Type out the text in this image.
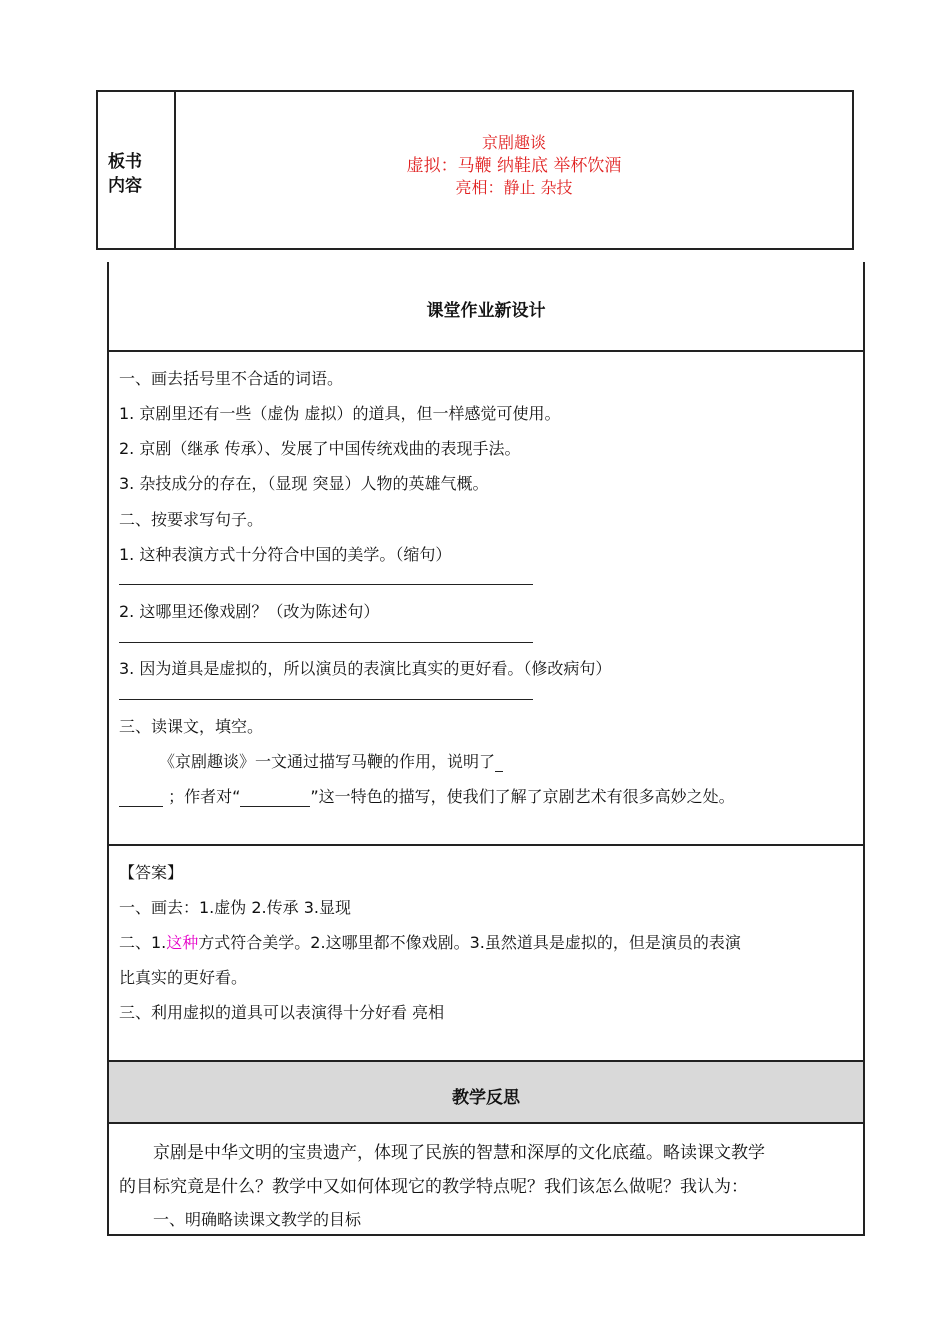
板书内容
京剧趣谈
虚拟：马鞭 纳鞋底 举杯饮酒
亮相：静止 杂技
课堂作业新设计
一、画去括号里不合适的词语。
1. 京剧里还有一些（虚伪 虚拟）的道具，但一样感觉可使用。
2. 京剧（继承 传承）、发展了中国传统戏曲的表现手法。
3. 杂技成分的存在，（显现 突显）人物的英雄气概。
二、按要求写句子。
1. 这种表演方式十分符合中国的美学。（缩句）
2. 这哪里还像戏剧？（改为陈述句）
3. 因为道具是虚拟的，所以演员的表演比真实的更好看。（修改病句）
三、读课文，填空。
《京剧趣谈》一文通过描写马鞭的作用，说明了
；作者对“	”这一特色的描写，使我们了解了京剧艺术有很多高妙之处。
【答案】
一、画去：1.虚伪 2.传承 3.显现
二、1.这种方式符合美学。2.这哪里都不像戏剧。3.虽然道具是虚拟的，但是演员的表演
比真实的更好看。
三、利用虚拟的道具可以表演得十分好看 亮相
教学反思
京剧是中华文明的宝贵遗产，体现了民族的智慧和深厚的文化底蕴。略读课文教学
的目标究竟是什么？教学中又如何体现它的教学特点呢？我们该怎么做呢？我认为：
一、明确略读课文教学的目标
